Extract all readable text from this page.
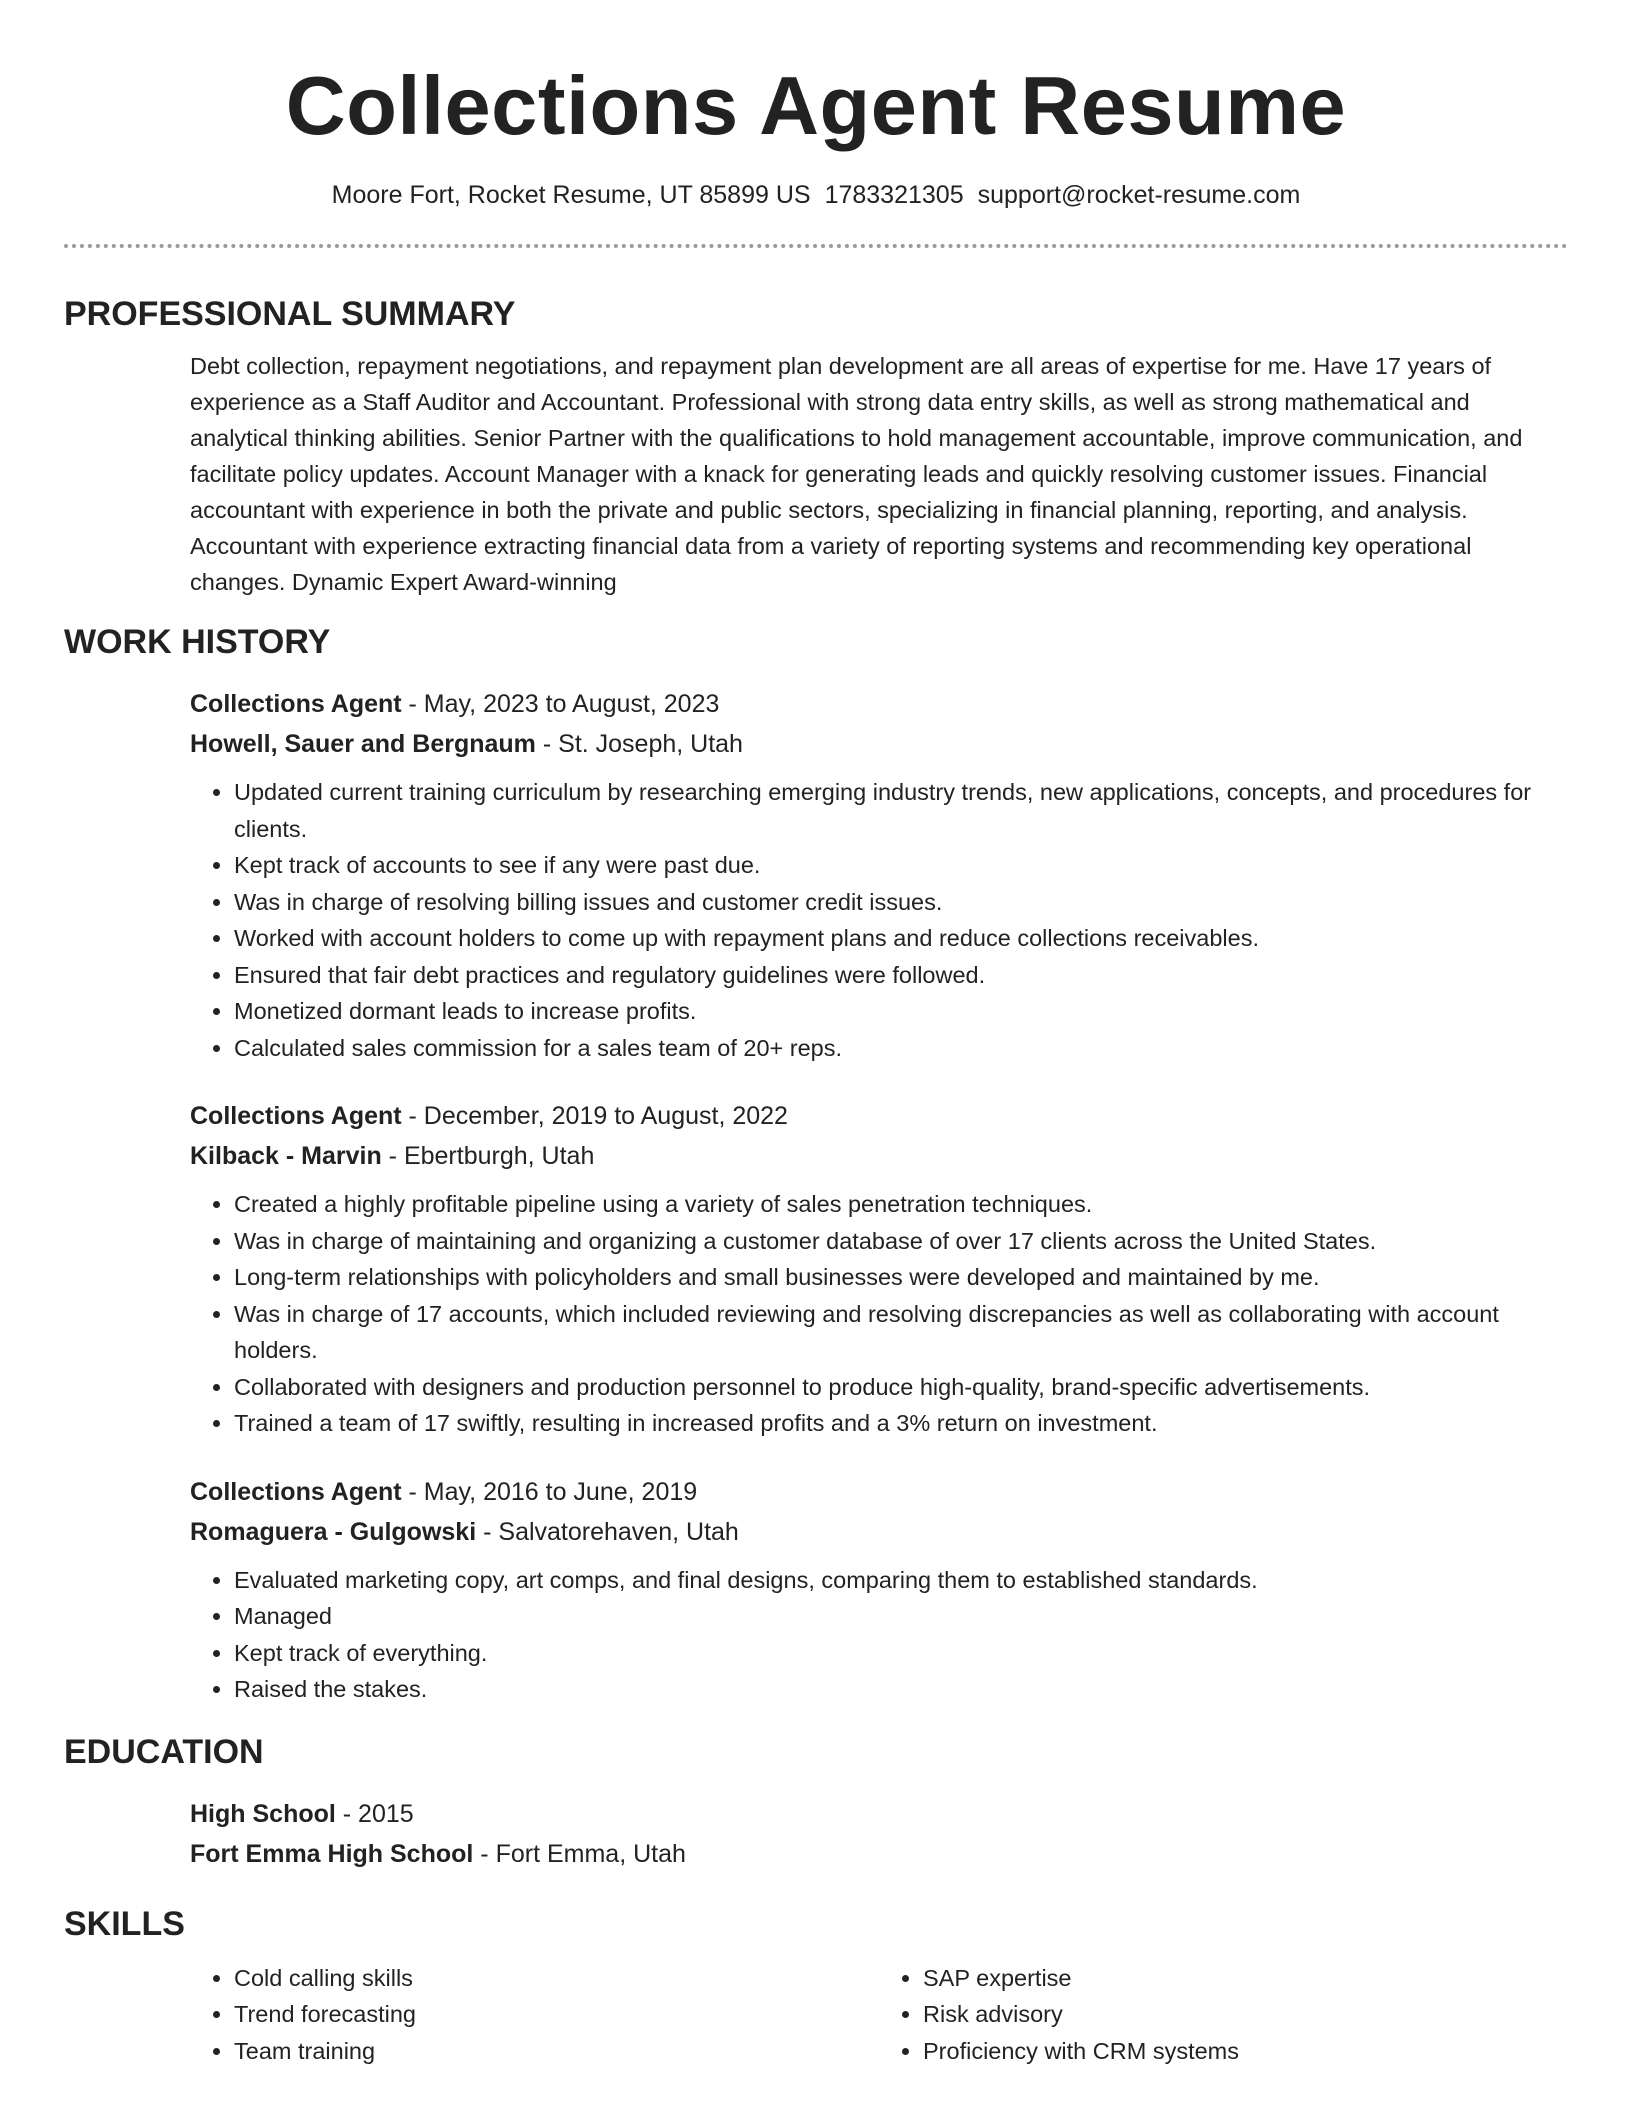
Collections Agent Resume
Moore Fort, Rocket Resume, UT 85899 US 1783321305 support@rocket-resume.com
PROFESSIONAL SUMMARY

Debt collection, repayment negotiations, and repayment plan development are all areas of expertise for me. Have 17 years of experience as a Staff Auditor and Accountant. Professional with strong data entry skills, as well as strong mathematical and analytical thinking abilities. Senior Partner with the qualifications to hold management accountable, improve communication, and facilitate policy updates. Account Manager with a knack for generating leads and quickly resolving customer issues. Financial accountant with experience in both the private and public sectors, specializing in financial planning, reporting, and analysis. Accountant with experience extracting financial data from a variety of reporting systems and recommending key operational changes. Dynamic Expert Award-winning

WORK HISTORY
Collections Agent - May, 2023 to August, 2023
Howell, Sauer and Bergnaum - St. Joseph, Utah
• Updated current training curriculum by researching emerging industry trends, new applications, concepts, and procedures for clients.
• Kept track of accounts to see if any were past due.
• Was in charge of resolving billing issues and customer credit issues.
• Worked with account holders to come up with repayment plans and reduce collections receivables.
• Ensured that fair debt practices and regulatory guidelines were followed.
• Monetized dormant leads to increase profits.
• Calculated sales commission for a sales team of 20+ reps.
Collections Agent - December, 2019 to August, 2022
Kilback - Marvin - Ebertburgh, Utah
• Created a highly profitable pipeline using a variety of sales penetration techniques.
• Was in charge of maintaining and organizing a customer database of over 17 clients across the United States.
• Long-term relationships with policyholders and small businesses were developed and maintained by me.
• Was in charge of 17 accounts, which included reviewing and resolving discrepancies as well as collaborating with account holders.
• Collaborated with designers and production personnel to produce high-quality, brand-specific advertisements.
• Trained a team of 17 swiftly, resulting in increased profits and a 3% return on investment.
Collections Agent - May, 2016 to June, 2019
Romaguera - Gulgowski - Salvatorehaven, Utah
• Evaluated marketing copy, art comps, and final designs, comparing them to established standards.
• Managed
• Kept track of everything.
• Raised the stakes.
EDUCATION
High School - 2015
Fort Emma High School - Fort Emma, Utah
SKILLS
• Cold calling skills
• Trend forecasting
• Team training
• SAP expertise
• Risk advisory
• Proficiency with CRM systems
